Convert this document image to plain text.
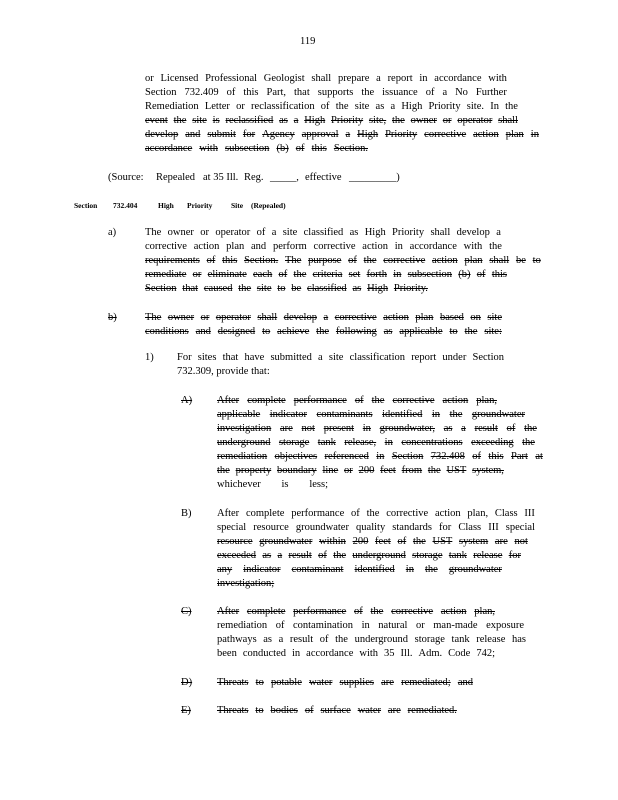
119
or Licensed Professional Geologist shall prepare a report in accordance with
Section 732.409 of this Part, that supports the issuance of a No Further
Remediation Letter or reclassification of the site as a High Priority site. In the
event the site is reclassified as a High Priority site, the owner or operator shall
develop and submit for Agency approval a High Priority corrective action plan in
accordance with subsection (b) of this Section.
(Source: Repealed at 35 Ill. Reg. _____, effective _________)
Section 732.404	High Priority Site (Repealed)
a)	The owner or operator of a site classified as High Priority shall develop a
corrective action plan and perform corrective action in accordance with the
requirements of this Section. The purpose of the corrective action plan shall be to
remediate or eliminate each of the criteria set forth in subsection (b) of this
Section that caused the site to be classified as High Priority.
b)	The owner or operator shall develop a corrective action plan based on site
conditions and designed to achieve the following as applicable to the site:
1) For sites that have submitted a site classification report under Section
732.309, provide that:
A) After complete performance of the corrective action plan,
applicable indicator contaminants identified in the groundwater
investigation are not present in groundwater, as a result of the
underground storage tank release, in concentrations exceeding the
remediation objectives referenced in Section 732.408 of this Part at
the property boundary line or 200 feet from the UST system,
whichever is less;
B) After complete performance of the corrective action plan, Class III
special resource groundwater quality standards for Class III special
resource groundwater within 200 feet of the UST system are not
exceeded as a result of the underground storage tank release for
any indicator contaminant identified in the groundwater
investigation;
C) After complete performance of the corrective action plan,
remediation of contamination in natural or man-made exposure
pathways as a result of the underground storage tank release has
been conducted in accordance with 35 Ill. Adm. Code 742;
D) Threats to potable water supplies are remediated; and
E) Threats to bodies of surface water are remediated.
